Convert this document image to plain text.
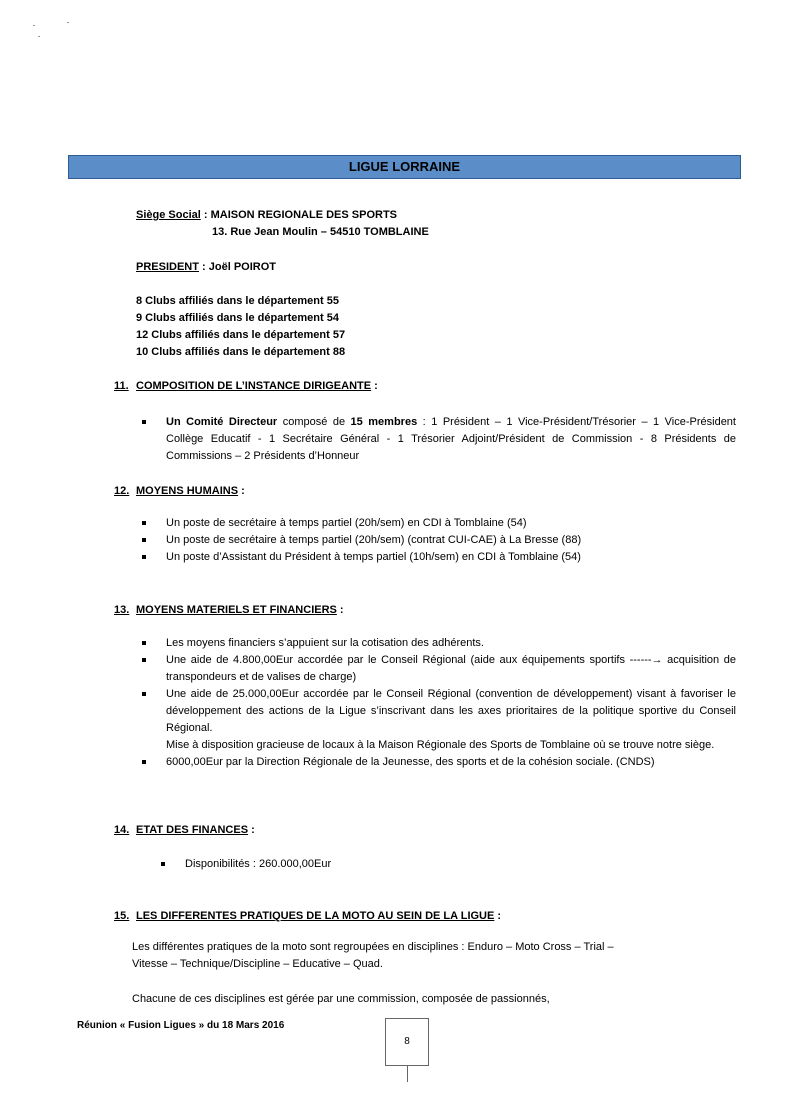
LIGUE LORRAINE
Siège Social : MAISON REGIONALE DES SPORTS
13. Rue Jean Moulin – 54510 TOMBLAINE
PRESIDENT : Joël POIROT
8 Clubs affiliés dans le département 55
9 Clubs affiliés dans le département 54
12 Clubs affiliés dans le département 57
10 Clubs affiliés dans le département 88
11. COMPOSITION DE L’INSTANCE DIRIGEANTE :
Un Comité Directeur composé de 15 membres : 1 Président – 1 Vice-Président/Trésorier – 1 Vice-Président Collège Educatif - 1 Secrétaire Général - 1 Trésorier Adjoint/Président de Commission - 8 Présidents de Commissions – 2 Présidents d’Honneur
12. MOYENS HUMAINS :
Un poste de secrétaire à temps partiel (20h/sem) en CDI à Tomblaine (54)
Un poste de secrétaire à temps partiel (20h/sem) (contrat CUI-CAE) à La Bresse (88)
Un poste d’Assistant du Président à temps partiel (10h/sem) en CDI à Tomblaine (54)
13. MOYENS MATERIELS ET FINANCIERS :
Les moyens financiers s’appuient sur la cotisation des adhérents.
Une aide de 4.800,00Eur accordée par le Conseil Régional (aide aux équipements sportifs ------→ acquisition de transpondeurs et de valises de charge)
Une aide de 25.000,00Eur accordée par le Conseil Régional (convention de développement) visant à favoriser le développement des actions de la Ligue s’inscrivant dans les axes prioritaires de la politique sportive du Conseil Régional.
Mise à disposition gracieuse de locaux à la Maison Régionale des Sports de Tomblaine où se trouve notre siège.
6000,00Eur par la Direction Régionale de la Jeunesse, des sports et de la cohésion sociale. (CNDS)
14. ETAT DES FINANCES :
Disponibilités : 260.000,00Eur
15. LES DIFFERENTES PRATIQUES DE LA MOTO AU SEIN DE LA LIGUE :
Les différentes pratiques de la moto sont regroupées en disciplines : Enduro – Moto Cross – Trial – Vitesse – Technique/Discipline – Educative – Quad.
Chacune de ces disciplines est gérée par une commission, composée de passionnés,
Réunion « Fusion Ligues » du 18 Mars 2016
8
